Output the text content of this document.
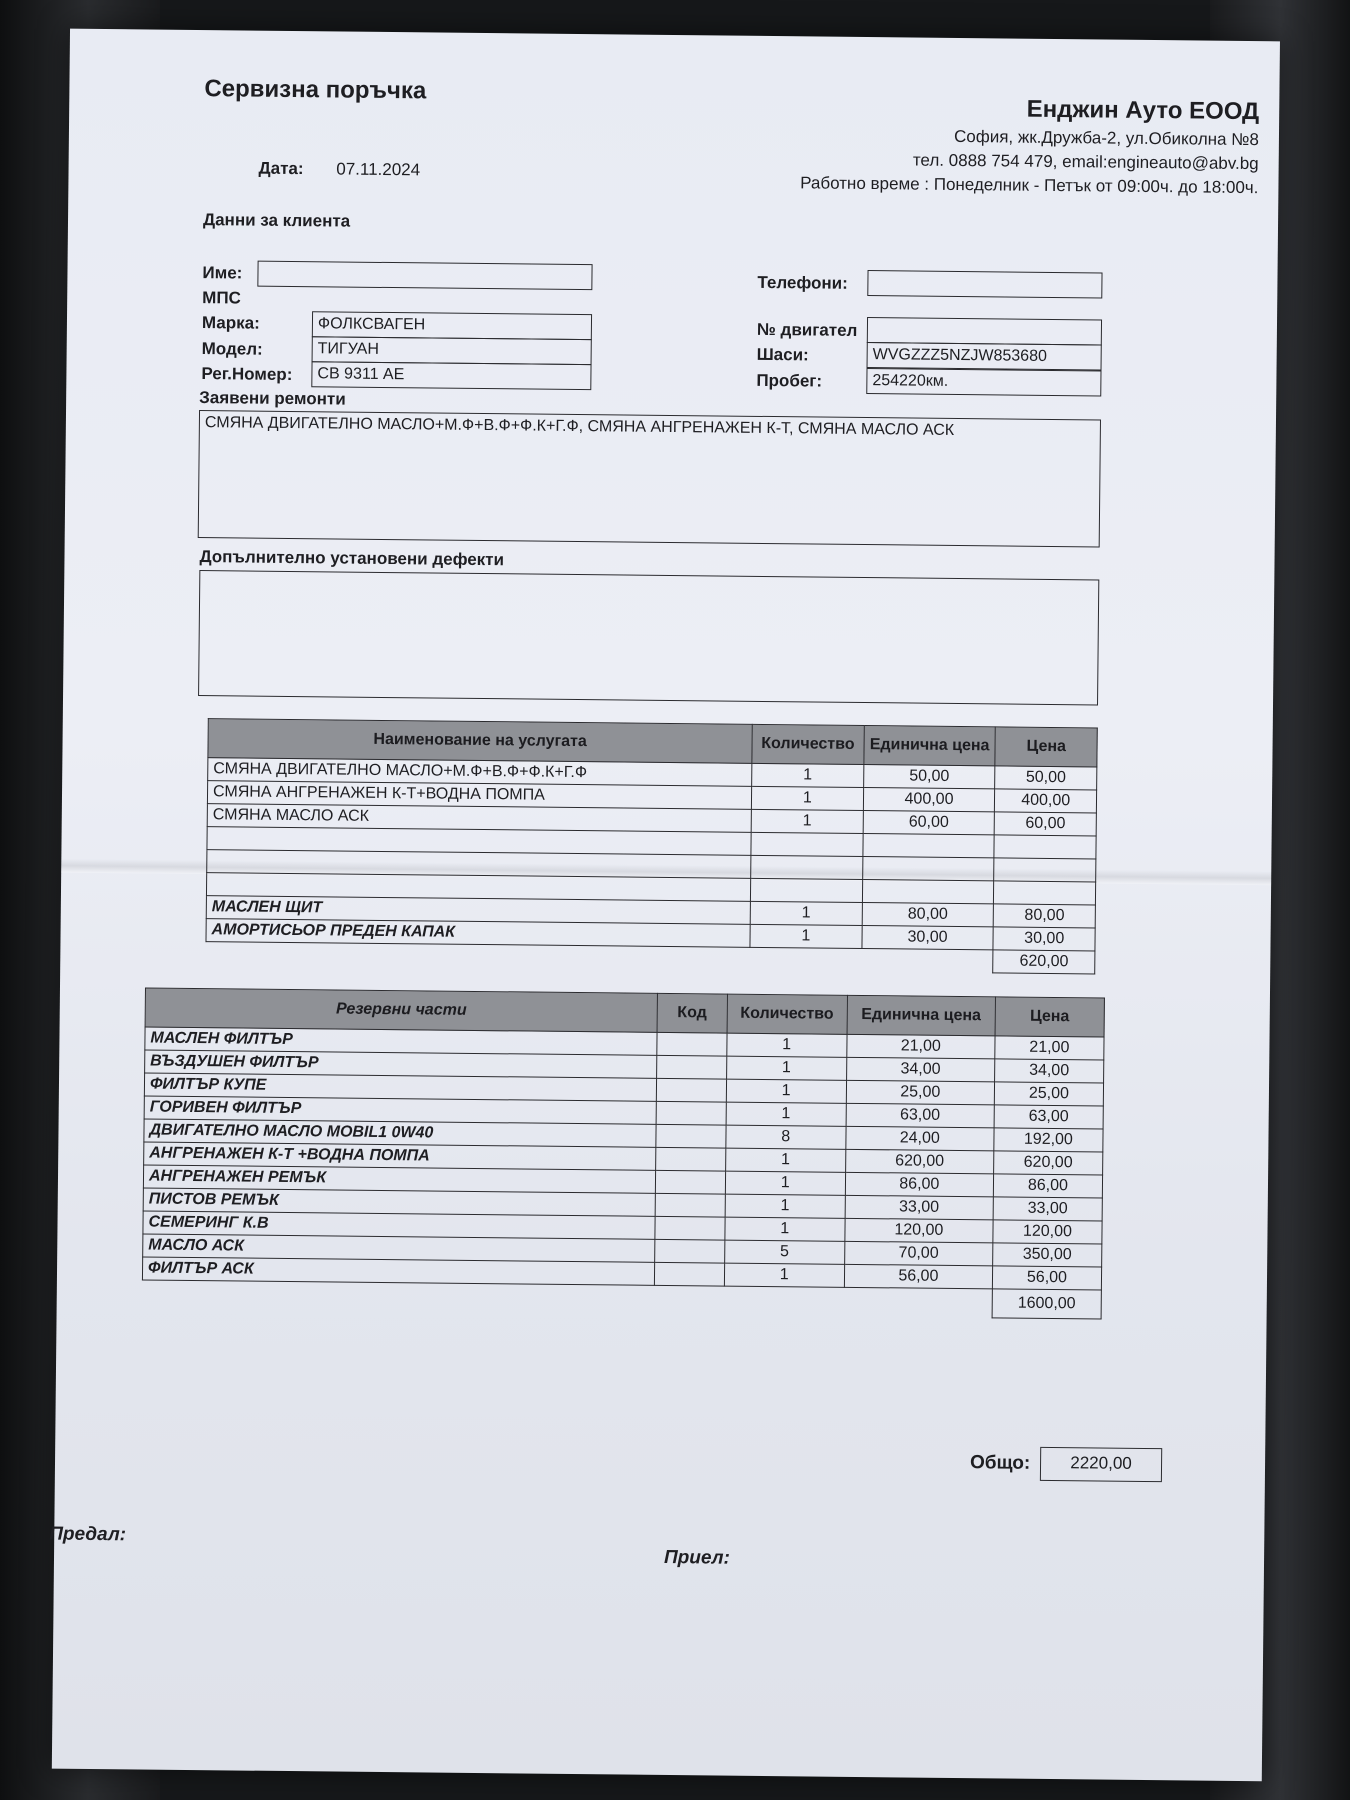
Сервизна поръчка
Енджин Ауто ЕООД
София, жк.Дружба-2, ул.Обиколна №8
тел. 0888 754 479, email:engineauto@abv.bg
Работно време : Понеделник - Петък от 09:00ч. до 18:00ч.
Дата: 07.11.2024
Данни за клиента
Име:
МПС
Марка:	ФОЛКСВАГЕН
Модел:	ТИГУАН
Рег.Номер:	СВ 9311 АЕ
Телефони:
№ двигател
Шаси:	WVGZZZ5NZJW853680
Пробег:	254220км.
Заявени ремонти
СМЯНА ДВИГАТЕЛНО МАСЛО+М.Ф+В.Ф+Ф.К+Г.Ф, СМЯНА АНГРЕНАЖЕН К-Т, СМЯНА МАСЛО АСК
Допълнително установени дефекти
Наименование на услугата	Количество	Единична цена	Цена
СМЯНА ДВИГАТЕЛНО МАСЛО+М.Ф+В.Ф+Ф.К+Г.Ф	1	50,00	50,00
СМЯНА АНГРЕНАЖЕН К-Т+ВОДНА ПОМПА	1	400,00	400,00
СМЯНА МАСЛО АСК	1	60,00	60,00

МАСЛЕН ЩИТ	1	80,00	80,00
АМОРТИСЬОР ПРЕДЕН КАПАК	1	30,00	30,00
			620,00
Резервни части	Код	Количество	Единична цена	Цена
МАСЛЕН ФИЛТЪР		1	21,00	21,00
ВЪЗДУШЕН ФИЛТЪР		1	34,00	34,00
ФИЛТЪР КУПЕ		1	25,00	25,00
ГОРИВЕН ФИЛТЪР		1	63,00	63,00
ДВИГАТЕЛНО МАСЛО MOBIL1 0W40		8	24,00	192,00
АНГРЕНАЖЕН К-Т +ВОДНА ПОМПА		1	620,00	620,00
АНГРЕНАЖЕН РЕМЪК		1	86,00	86,00
ПИСТОВ РЕМЪК		1	33,00	33,00
СЕМЕРИНГ К.В		1	120,00	120,00
МАСЛО АСК		5	70,00	350,00
ФИЛТЪР АСК		1	56,00	56,00
				1600,00
Общо:	2220,00
Предал:
Приел:
